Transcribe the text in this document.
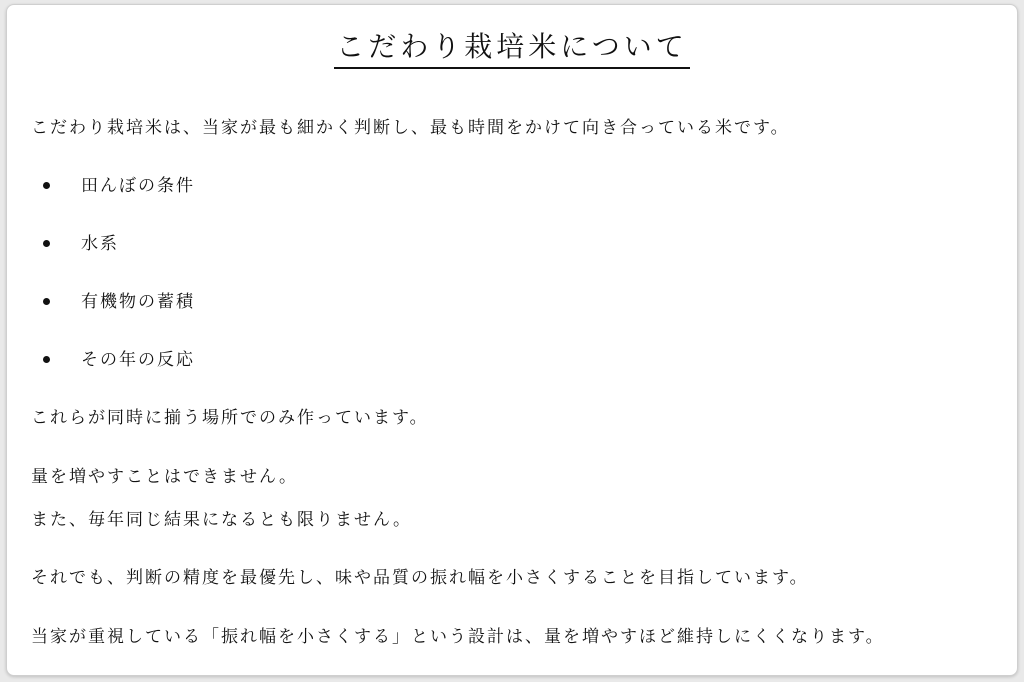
こだわり栽培米について
こだわり栽培米は、当家が最も細かく判断し、最も時間をかけて向き合っている米です。
田んぼの条件
水系
有機物の蓄積
その年の反応
これらが同時に揃う場所でのみ作っています。
量を増やすことはできません。
また、毎年同じ結果になるとも限りません。
それでも、判断の精度を最優先し、味や品質の振れ幅を小さくすることを目指しています。
当家が重視している「振れ幅を小さくする」という設計は、量を増やすほど維持しにくくなります。
